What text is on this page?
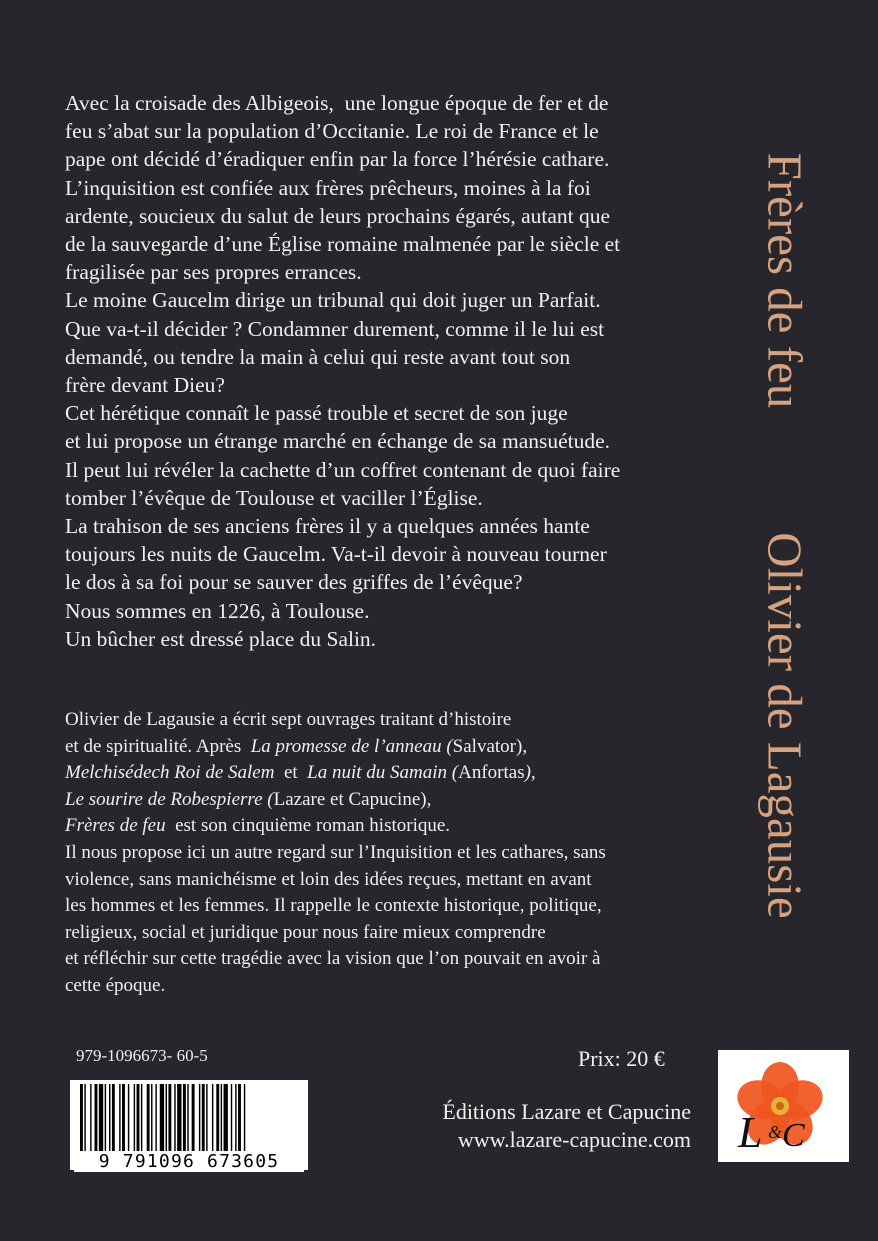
Avec la croisade des Albigeois,  une longue époque de fer et de

feu s’abat sur la population d’Occitanie. Le roi de France et le

pape ont décidé d’éradiquer enfin par la force l’hérésie cathare.

L’inquisition est confiée aux frères prêcheurs, moines à la foi

ardente, soucieux du salut de leurs prochains égarés, autant que

de la sauvegarde d’une Église romaine malmenée par le siècle et

fragilisée par ses propres errances.

Le moine Gaucelm dirige un tribunal qui doit juger un Parfait.

Que va-t-il décider ? Condamner durement, comme il le lui est

demandé, ou tendre la main à celui qui reste avant tout son

frère devant Dieu?

Cet hérétique connaît le passé trouble et secret de son juge

et lui propose un étrange marché en échange de sa mansuétude.

Il peut lui révéler la cachette d’un coffret contenant de quoi faire

tomber l’évêque de Toulouse et vaciller l’Église.

La trahison de ses anciens frères il y a quelques années hante

toujours les nuits de Gaucelm. Va-t-il devoir à nouveau tourner

le dos à sa foi pour se sauver des griffes de l’évêque?

Nous sommes en 1226, à Toulouse.

Un bûcher est dressé place du Salin.

Olivier de Lagausie a écrit sept ouvrages traitant d’histoire

et de spiritualité. Après  La promesse de l’anneau (Salvator),

Melchisédech Roi de Salem  et  La nuit du Samain (Anfortas),

Le sourire de Robespierre (Lazare et Capucine),

Frères de feu  est son cinquième roman historique.

Il nous propose ici un autre regard sur l’Inquisition et les cathares, sans

violence, sans manichéisme et loin des idées reçues, mettant en avant

les hommes et les femmes. Il rappelle le contexte historique, politique,

religieux, social et juridique pour nous faire mieux comprendre

et réfléchir sur cette tragédie avec la vision que l’on pouvait en avoir à

cette époque.

Frères de feu
Olivier de Lagausie
979-1096673- 60-5
9 791096 673605
Prix: 20 €
Éditions Lazare et Capucine
www.lazare-capucine.com L & C
